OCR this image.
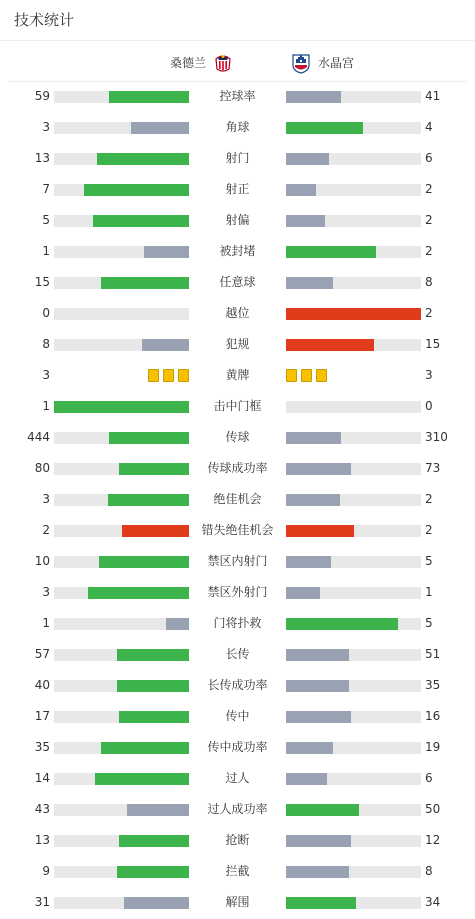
技术统计
桑德兰	水晶宫
59	控球率	41
3	角球	4
13	射门	6
7	射正	2
5	射偏	2
1	被封堵	2
15	任意球	8
0	越位	2
8	犯规	15
3	黄牌	3
1	击中门框	0
444	传球	310
80	传球成功率	73
3	绝佳机会	2
2	错失绝佳机会	2
10	禁区内射门	5
3	禁区外射门	1
1	门将扑救	5
57	长传	51
40	长传成功率	35
17	传中	16
35	传中成功率	19
14	过人	6
43	过人成功率	50
13	抢断	12
9	拦截	8
31	解围	34
